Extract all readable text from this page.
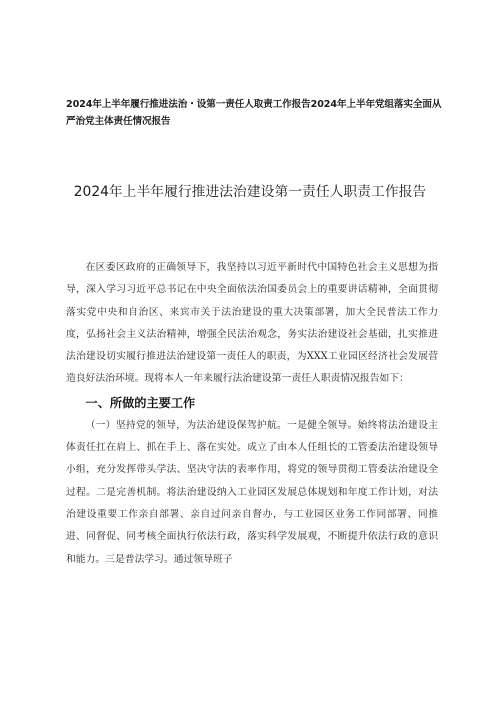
2024年上半年履行推进法治・设第一责任人取责工作报告2024年上半年党组落实全面从严治党主体责任情况报告
2024年上半年履行推进法治建设第一责任人职责工作报告

在区委区政府的正确领导下，我坚持以习近平新时代中国特色社会主义思想为指导，深入学习习近平总书记在中央全面依法治国委员会上的重要讲话精神，全面贯彻落实党中央和自治区、来宾市关于法治建设的重大决策部署，加大全民普法工作力度，弘扬社会主义法治精神，增强全民法治观念，务实法治建设社会基础，扎实推进法治建设切实履行推进法治建设第一责任人的职责，为XXX工业园区经济社会发展营造良好法治环境。现将本人一年来履行法治建设第一责任人职责情况报告如下：

一、所做的主要工作

（一）坚持党的领导，为法治建设保驾护航。一是健全领导。始终将法治建设主体责任扛在肩上、抓在手上、落在实处。成立了由本人任组长的工管委法治建设领导小组，充分发挥带头学法、坚决守法的表率作用，将党的领导贯彻工管委法治建设全过程。二是完善机制。将法治建设纳入工业园区发展总体规划和年度工作计划，对法治建设重要工作亲自部署、亲自过问亲自督办，与工业园区业务工作同部署、同推进、同督促、同考核全面执行依法行政，落实科学发展观，不断提升依法行政的意识和能力。三是普法学习。通过领导班子
